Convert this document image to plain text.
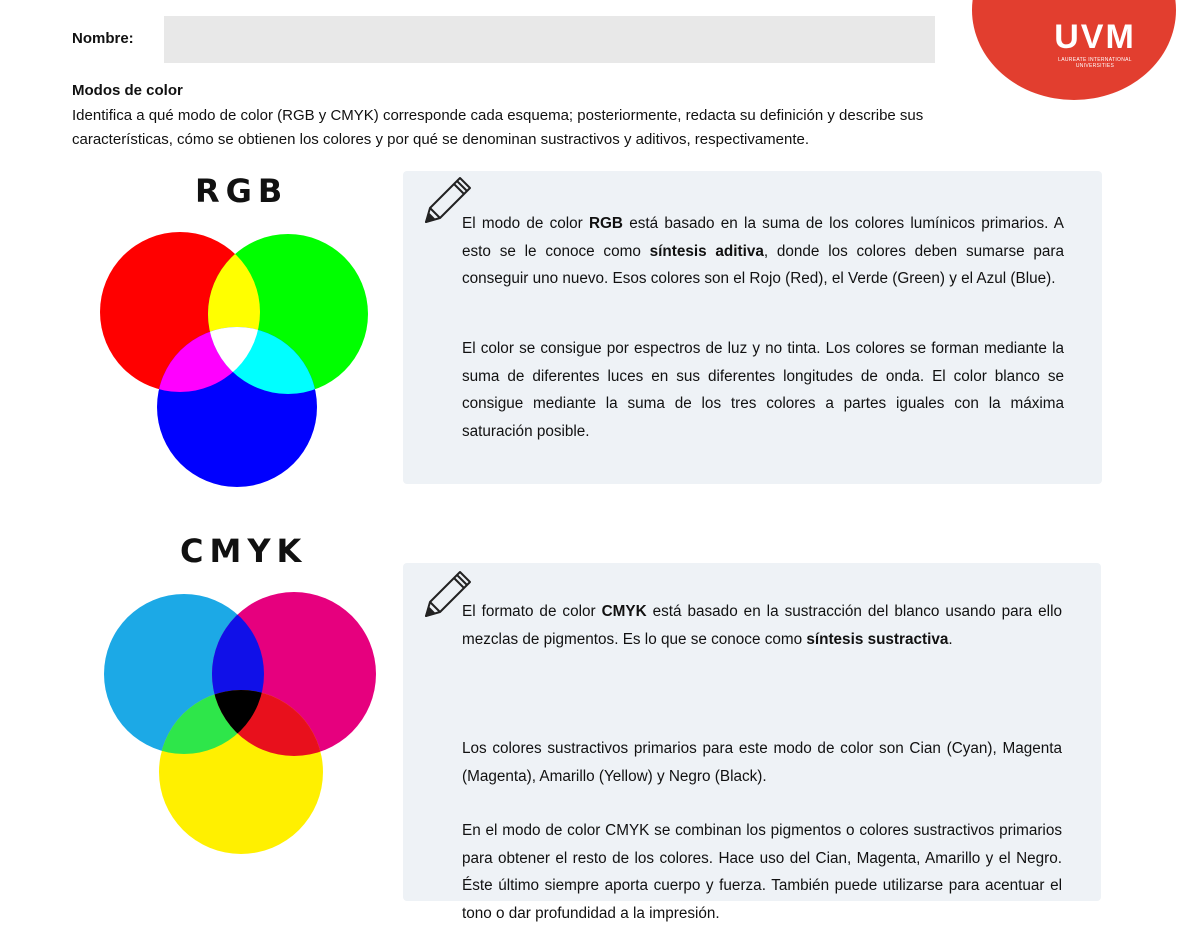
Nombre:	UVM
LAUREATE INTERNATIONAL UNIVERSITIES
Modos de color
Identifica a qué modo de color (RGB y CMYK) corresponde cada esquema; posteriormente, redacta su definición y describe sus características, cómo se obtienen los colores y por qué se denominan sustractivos y aditivos, respectivamente.
RGB
El modo de color RGB está basado en la suma de los colores lumínicos primarios. A esto se le conoce como síntesis aditiva, donde los colores deben sumarse para conseguir uno nuevo. Esos colores son el Rojo (Red), el Verde (Green) y el Azul (Blue).
El color se consigue por espectros de luz y no tinta. Los colores se forman mediante la suma de diferentes luces en sus diferentes longitudes de onda. El color blanco se consigue mediante la suma de los tres colores a partes iguales con la máxima saturación posible.
CMYK
El formato de color CMYK está basado en la sustracción del blanco usando para ello mezclas de pigmentos. Es lo que se conoce como síntesis sustractiva.
Los colores sustractivos primarios para este modo de color son Cian (Cyan), Magenta (Magenta), Amarillo (Yellow) y Negro (Black).
En el modo de color CMYK se combinan los pigmentos o colores sustractivos primarios para obtener el resto de los colores. Hace uso del Cian, Magenta, Amarillo y el Negro. Éste último siempre aporta cuerpo y fuerza. También puede utilizarse para acentuar el tono o dar profundidad a la impresión.
